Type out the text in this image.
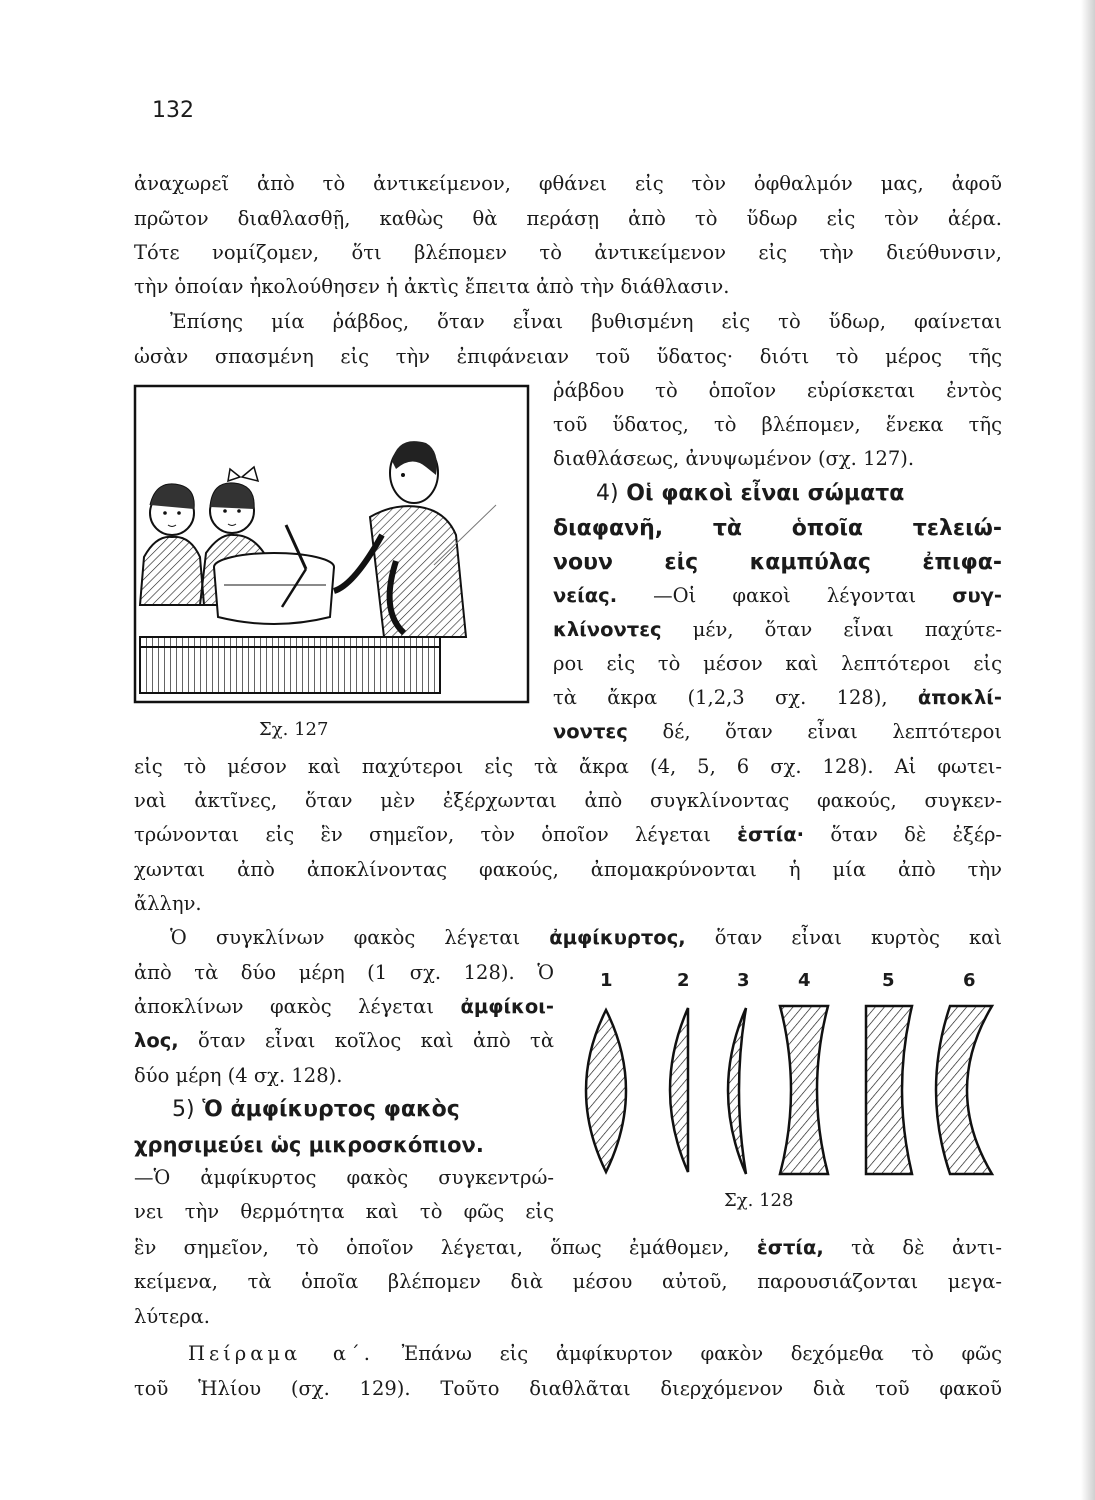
132
ἀναχωρεῖ ἀπὸ τὸ ἀντικείμενον, φθάνει εἰς τὸν ὀφθαλμόν μας, ἀφοῦ
πρῶτον διαθλασθῇ, καθὼς θὰ περάσῃ ἀπὸ τὸ ὕδωρ εἰς τὸν ἀέρα.
Τότε νομίζομεν, ὅτι βλέπομεν τὸ ἀντικείμενον εἰς τὴν διεύθυνσιν,
τὴν ὁποίαν ἠκολούθησεν ἡ ἀκτὶς ἔπειτα ἀπὸ τὴν διάθλασιν.
Ἐπίσης μία ῥάβδος, ὅταν εἶναι βυθισμένη εἰς τὸ ὕδωρ, φαίνεται
ὡσὰν σπασμένη εἰς τὴν ἐπιφάνειαν τοῦ ὕδατος· διότι τὸ μέρος τῆς
ῥάβδου τὸ ὁποῖον εὑρίσκεται ἐντὸς
τοῦ ὕδατος, τὸ βλέπομεν, ἕνεκα τῆς
διαθλάσεως, ἀνυψωμένον (σχ. 127).
Σχ. 127
4) Οἱ φακοὶ εἶναι σώματα
διαφανῆ, τὰ ὁποῖα τελειώ-
νουν εἰς καμπύλας ἐπιφα-
νείας. —Οἱ φακοὶ λέγονται συγ-
κλίνοντες μέν, ὅταν εἶναι παχύτε-
ροι εἰς τὸ μέσον καὶ λεπτότεροι εἰς
τὰ ἄκρα (1,2,3 σχ. 128), ἀποκλί-
νοντες δέ, ὅταν εἶναι λεπτότεροι
εἰς τὸ μέσον καὶ παχύτεροι εἰς τὰ ἄκρα (4, 5, 6 σχ. 128). Αἱ φωτει-
ναὶ ἀκτῖνες, ὅταν μὲν ἐξέρχωνται ἀπὸ συγκλίνοντας φακούς, συγκεν-
τρώνονται εἰς ἓν σημεῖον, τὸν ὁποῖον λέγεται ἑστία· ὅταν δὲ ἐξέρ-
χωνται ἀπὸ ἀποκλίνοντας φακούς, ἀπομακρύνονται ἡ μία ἀπὸ τὴν
ἄλλην.
Ὁ συγκλίνων φακὸς λέγεται ἀμφίκυρτος, ὅταν εἶναι κυρτὸς καὶ
ἀπὸ τὰ δύο μέρη (1 σχ. 128). Ὁ
ἀποκλίνων φακὸς λέγεται ἀμφίκοι-
λος, ὅταν εἶναι κοῖλος καὶ ἀπὸ τὰ
δύο μέρη (4 σχ. 128).
5) Ὁ ἀμφίκυρτος φακὸς
χρησιμεύει ὡς μικροσκόπιον.
—Ὁ ἀμφίκυρτος φακὸς συγκεντρώ-
νει τὴν θερμότητα καὶ τὸ φῶς εἰς
1	2	3	4	5	6
Σχ. 128
ἓν σημεῖον, τὸ ὁποῖον λέγεται, ὅπως ἐμάθομεν, ἑστία, τὰ δὲ ἀντι-
κείμενα, τὰ ὁποῖα βλέπομεν διὰ μέσου αὐτοῦ, παρουσιάζονται μεγα-
λύτερα.
Πείραμα α΄. Ἐπάνω εἰς ἀμφίκυρτον φακὸν δεχόμεθα τὸ φῶς
τοῦ Ἡλίου (σχ. 129). Τοῦτο διαθλᾶται διερχόμενον διὰ τοῦ φακοῦ
